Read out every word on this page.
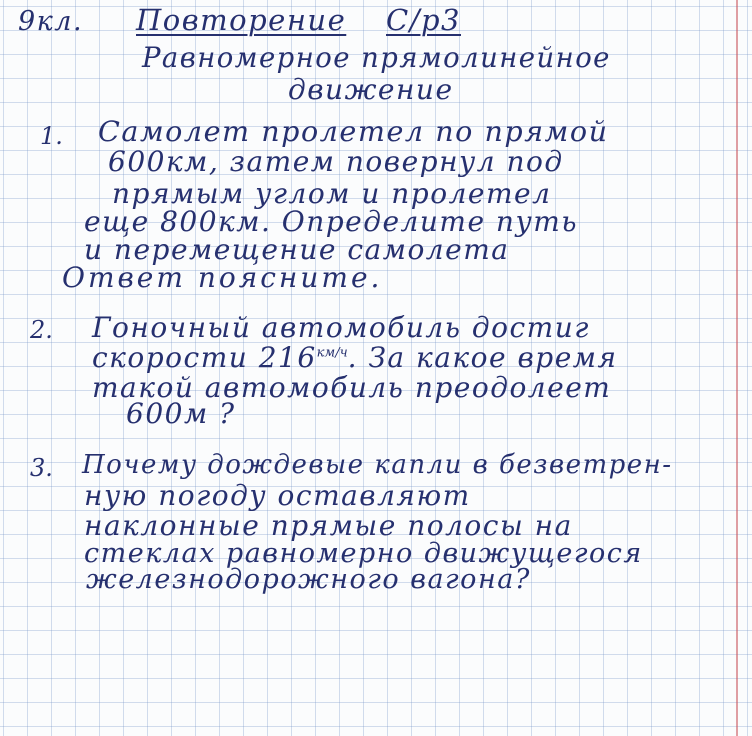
9кл. Повторение С/р3
Равномерное прямолинейное
движение
1. Самолет пролетел по прямой
600км, затем повернул под
прямым углом и пролетел
еще 800км. Определите путь
и перемещение самолета
Ответ поясните.
2. Гоночный автомобиль достиг
скорости $216^{км/ч}$. За какое время
такой автомобиль преодолеет
600м ?
3. Почему дождевые капли в безветрен-
ную погоду оставляют
наклонные прямые полосы на
стеклах равномерно движущегося
железнодорожного вагона?
